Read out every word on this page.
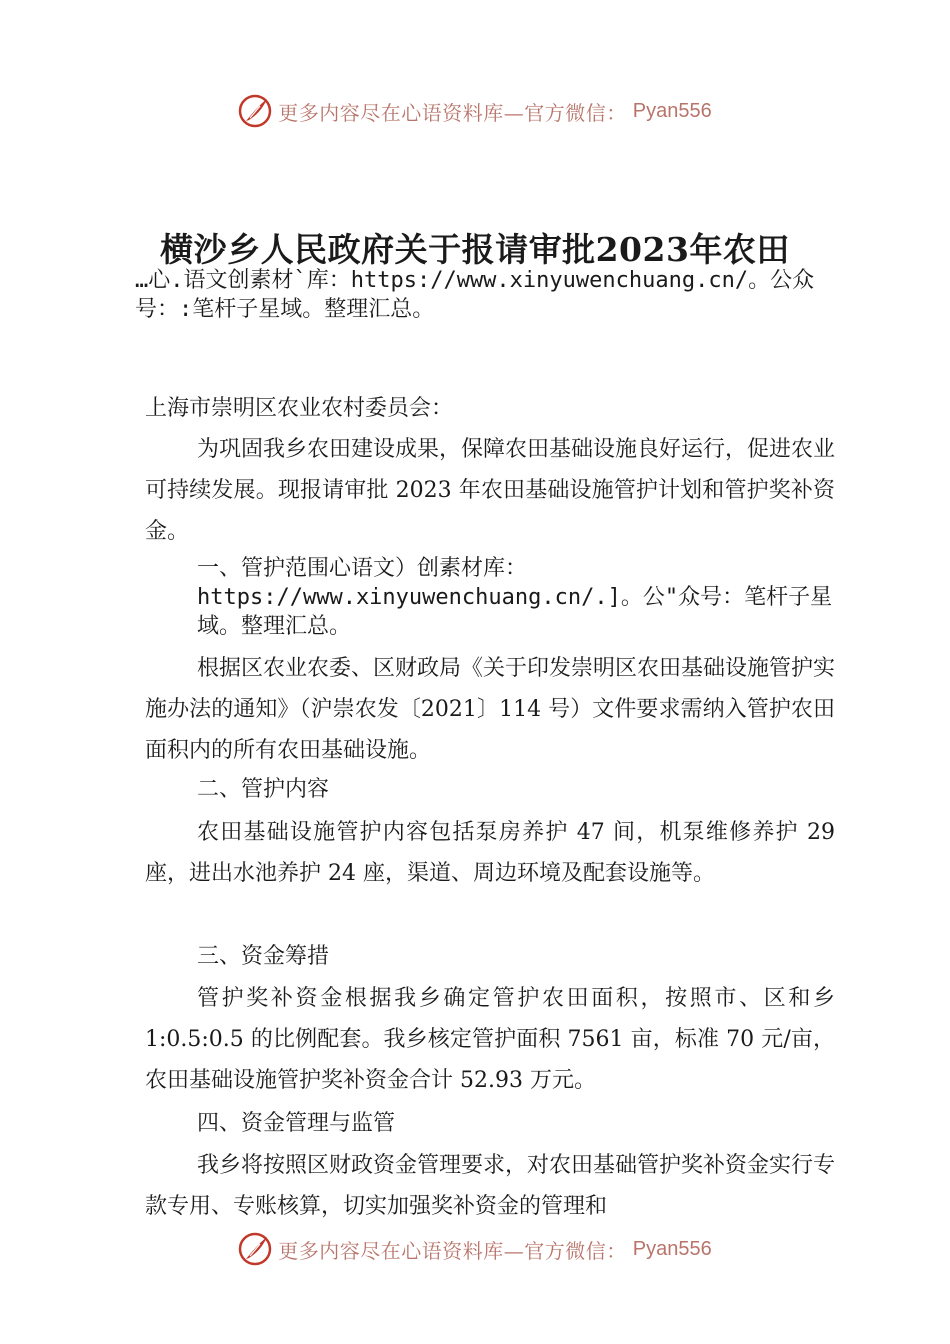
更多内容尽在心语资料库—官方微信： Pyan556
横沙乡人民政府关于报请审批2023年农田
…心.语文创素材`库：https://www.xinyuwenchuang.cn/。公众号：:笔杆子星域。整理汇总。
上海市崇明区农业农村委员会：
为巩固我乡农田建设成果，保障农田基础设施良好运行，促进农业可持续发展。现报请审批 2023 年农田基础设施管护计划和管护奖补资金。
一、管护范围心语文）创素材库：https://www.xinyuwenchuang.cn/.]。公"众号：笔杆子星域。整理汇总。
根据区农业农委、区财政局《关于印发崇明区农田基础设施管护实施办法的通知》（沪崇农发〔2021〕114 号）文件要求需纳入管护农田面积内的所有农田基础设施。
二、管护内容
农田基础设施管护内容包括泵房养护 47 间，机泵维修养护 29 座，进出水池养护 24 座，渠道、周边环境及配套设施等。
三、资金筹措
管护奖补资金根据我乡确定管护农田面积，按照市、区和乡 1:0.5:0.5 的比例配套。我乡核定管护面积 7561 亩，标准 70 元/亩，农田基础设施管护奖补资金合计 52.93 万元。
四、资金管理与监管
我乡将按照区财政资金管理要求，对农田基础管护奖补资金实行专款专用、专账核算，切实加强奖补资金的管理和
更多内容尽在心语资料库—官方微信： Pyan556
